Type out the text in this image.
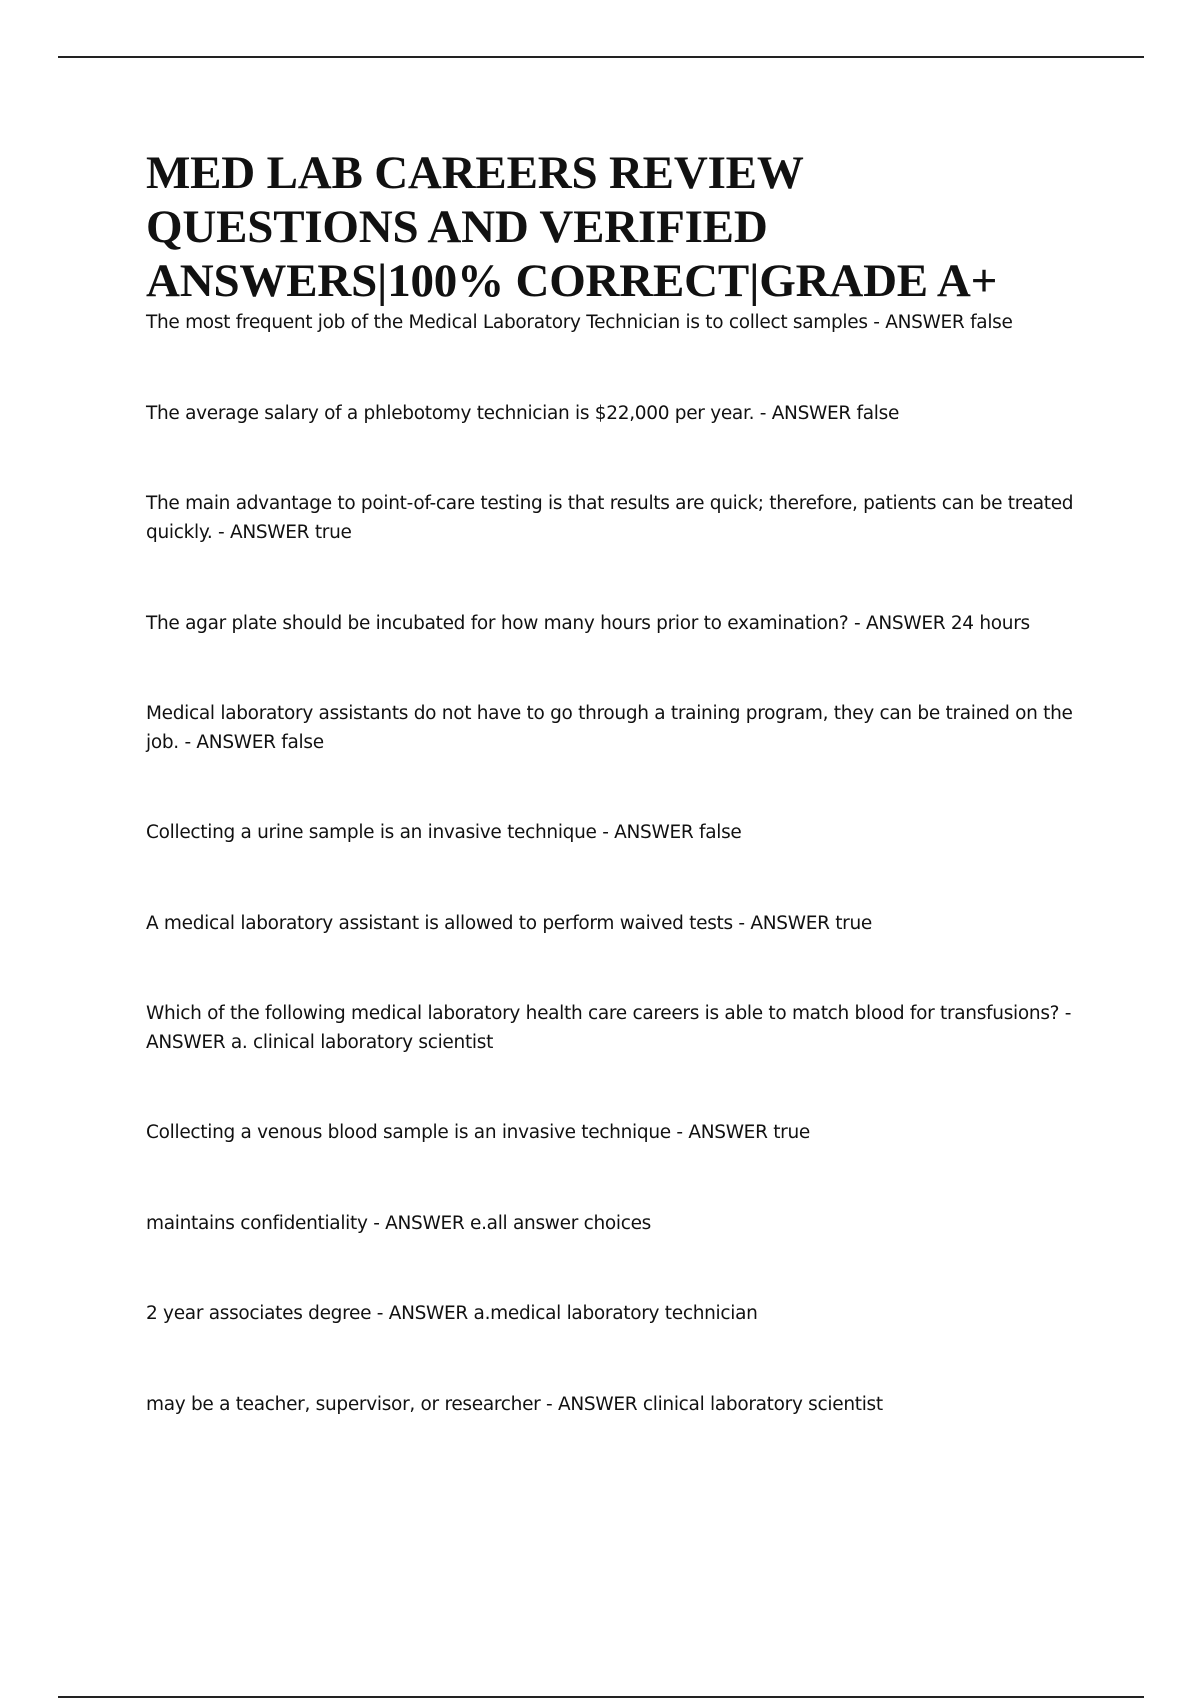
MED LAB CAREERS REVIEW QUESTIONS AND VERIFIED ANSWERS|100% CORRECT|GRADE A+
The most frequent job of the Medical Laboratory Technician is to collect samples - ANSWER false
The average salary of a phlebotomy technician is $22,000 per year. - ANSWER false
The main advantage to point-of-care testing is that results are quick; therefore, patients can be treated quickly. - ANSWER true
The agar plate should be incubated for how many hours prior to examination? - ANSWER 24 hours
Medical laboratory assistants do not have to go through a training program, they can be trained on the job. - ANSWER false
Collecting a urine sample is an invasive technique - ANSWER false
A medical laboratory assistant is allowed to perform waived tests - ANSWER true
Which of the following medical laboratory health care careers is able to match blood for transfusions? - ANSWER a. clinical laboratory scientist
Collecting a venous blood sample is an invasive technique - ANSWER true
maintains confidentiality - ANSWER e.all answer choices
2 year associates degree - ANSWER a.medical laboratory technician
may be a teacher, supervisor, or researcher - ANSWER clinical laboratory scientist
